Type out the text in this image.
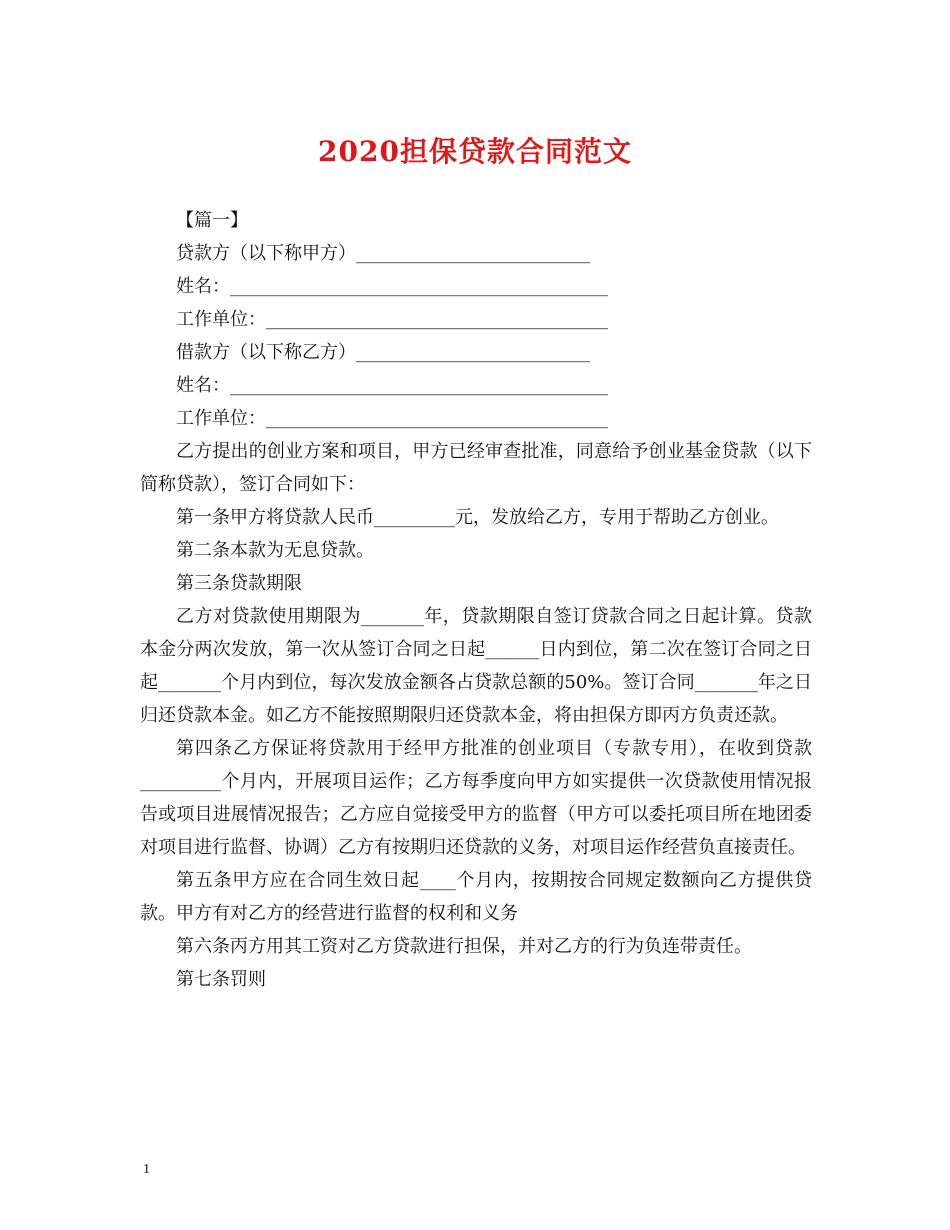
2020担保贷款合同范文
【篇一】
贷款方（以下称甲方）__________________________
姓名：__________________________________________
工作单位：______________________________________
借款方（以下称乙方）__________________________
姓名：__________________________________________
工作单位：______________________________________
乙方提出的创业方案和项目，甲方已经审查批准，同意给予创业基金贷款（以下简称贷款），签订合同如下：
第一条甲方将贷款人民币_________元，发放给乙方，专用于帮助乙方创业。
第二条本款为无息贷款。
第三条贷款期限
乙方对贷款使用期限为_______年，贷款期限自签订贷款合同之日起计算。贷款本金分两次发放，第一次从签订合同之日起______日内到位，第二次在签订合同之日起_______个月内到位，每次发放金额各占贷款总额的50%。签订合同_______年之日归还贷款本金。如乙方不能按照期限归还贷款本金，将由担保方即丙方负责还款。
第四条乙方保证将贷款用于经甲方批准的创业项目（专款专用），在收到贷款_________个月内，开展项目运作；乙方每季度向甲方如实提供一次贷款使用情况报告或项目进展情况报告；乙方应自觉接受甲方的监督（甲方可以委托项目所在地团委对项目进行监督、协调）乙方有按期归还贷款的义务，对项目运作经营负直接责任。
第五条甲方应在合同生效日起____个月内，按期按合同规定数额向乙方提供贷款。甲方有对乙方的经营进行监督的权利和义务
第六条丙方用其工资对乙方贷款进行担保，并对乙方的行为负连带责任。
第七条罚则
1
